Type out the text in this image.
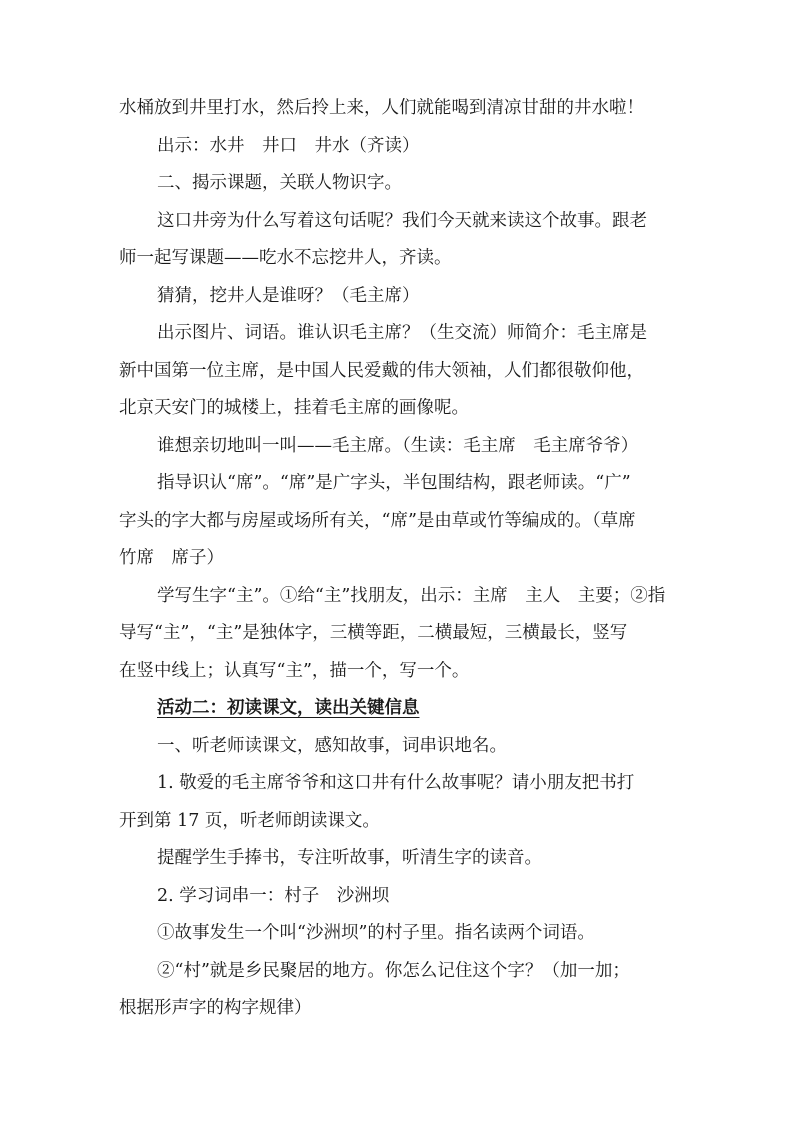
水桶放到井里打水，然后拎上来，人们就能喝到清凉甘甜的井水啦！
出示：水井　井口　井水（齐读）
二、揭示课题，关联人物识字。
这口井旁为什么写着这句话呢？我们今天就来读这个故事。跟老
师一起写课题——吃水不忘挖井人，齐读。
猜猜，挖井人是谁呀？（毛主席）
出示图片、词语。谁认识毛主席？（生交流）师简介：毛主席是
新中国第一位主席，是中国人民爱戴的伟大领袖，人们都很敬仰他，
北京天安门的城楼上，挂着毛主席的画像呢。
谁想亲切地叫一叫——毛主席。（生读：毛主席　毛主席爷爷）
指导识认“席”。“席”是广字头，半包围结构，跟老师读。“广”
字头的字大都与房屋或场所有关，“席”是由草或竹等编成的。（草席
竹席　席子）
学写生字“主”。①给“主”找朋友，出示：主席　主人　主要；②指
导写“主”，“主”是独体字，三横等距，二横最短，三横最长，竖写
在竖中线上；认真写“主”，描一个，写一个。
活动二：初读课文，读出关键信息
一、听老师读课文，感知故事，词串识地名。
1. 敬爱的毛主席爷爷和这口井有什么故事呢？请小朋友把书打
开到第 17 页，听老师朗读课文。
提醒学生手捧书，专注听故事，听清生字的读音。
2. 学习词串一：村子　沙洲坝
①故事发生一个叫“沙洲坝”的村子里。指名读两个词语。
②“村”就是乡民聚居的地方。你怎么记住这个字？（加一加；
根据形声字的构字规律）
